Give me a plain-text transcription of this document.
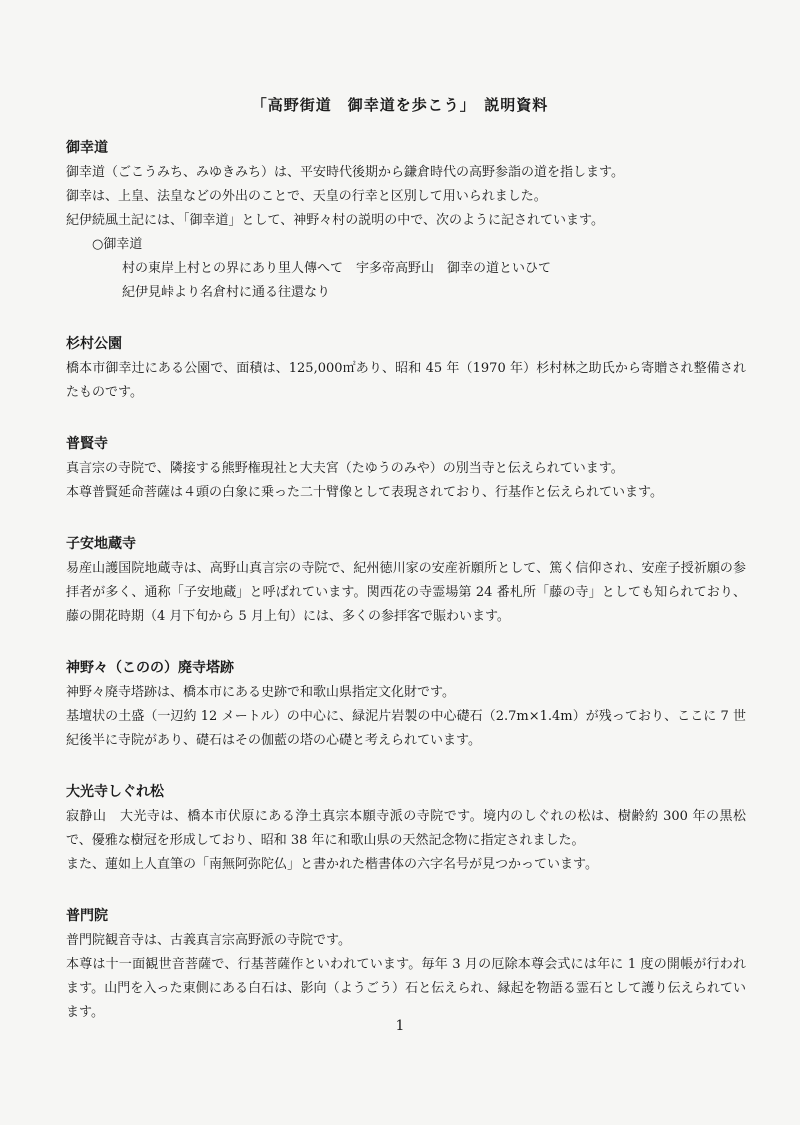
「高野街道　御幸道を歩こう」　説明資料

御幸道

御幸道（ごこうみち、みゆきみち）は、平安時代後期から鎌倉時代の高野参詣の道を指します。

御幸は、上皇、法皇などの外出のことで、天皇の行幸と区別して用いられました。

紀伊続風土記には、「御幸道」として、神野々村の説明の中で、次のように記されています。

○御幸道

村の東岸上村との界にあり里人傳へて　宇多帝高野山　御幸の道といひて

紀伊見峠より名倉村に通る往還なり

杉村公園

橋本市御幸辻にある公園で、面積は、125,000㎡あり、昭和 45 年（1970 年）杉村林之助氏から寄贈され整備されたものです。

普賢寺

真言宗の寺院で、隣接する熊野権現社と大夫宮（たゆうのみや）の別当寺と伝えられています。

本尊普賢延命菩薩は４頭の白象に乗った二十臂像として表現されており、行基作と伝えられています。

子安地蔵寺

易産山護国院地蔵寺は、高野山真言宗の寺院で、紀州徳川家の安産祈願所として、篤く信仰され、安産子授祈願の参拝者が多く、通称「子安地蔵」と呼ばれています。関西花の寺霊場第 24 番札所「藤の寺」としても知られており、藤の開花時期（4 月下旬から 5 月上旬）には、多くの参拝客で賑わいます。

神野々（このの）廃寺塔跡

神野々廃寺塔跡は、橋本市にある史跡で和歌山県指定文化財です。

基壇状の土盛（一辺約 12 メートル）の中心に、緑泥片岩製の中心礎石（2.7m×1.4m）が残っており、ここに 7 世紀後半に寺院があり、礎石はその伽藍の塔の心礎と考えられています。

大光寺しぐれ松

寂静山　大光寺は、橋本市伏原にある浄土真宗本願寺派の寺院です。境内のしぐれの松は、樹齢約 300 年の黒松で、優雅な樹冠を形成しており、昭和 38 年に和歌山県の天然記念物に指定されました。

また、蓮如上人直筆の「南無阿弥陀仏」と書かれた楷書体の六字名号が見つかっています。

普門院

普門院観音寺は、古義真言宗高野派の寺院です。

本尊は十一面観世音菩薩で、行基菩薩作といわれています。毎年 3 月の厄除本尊会式には年に 1 度の開帳が行われます。山門を入った東側にある白石は、影向（ようごう）石と伝えられ、縁起を物語る霊石として護り伝えられています。

1
